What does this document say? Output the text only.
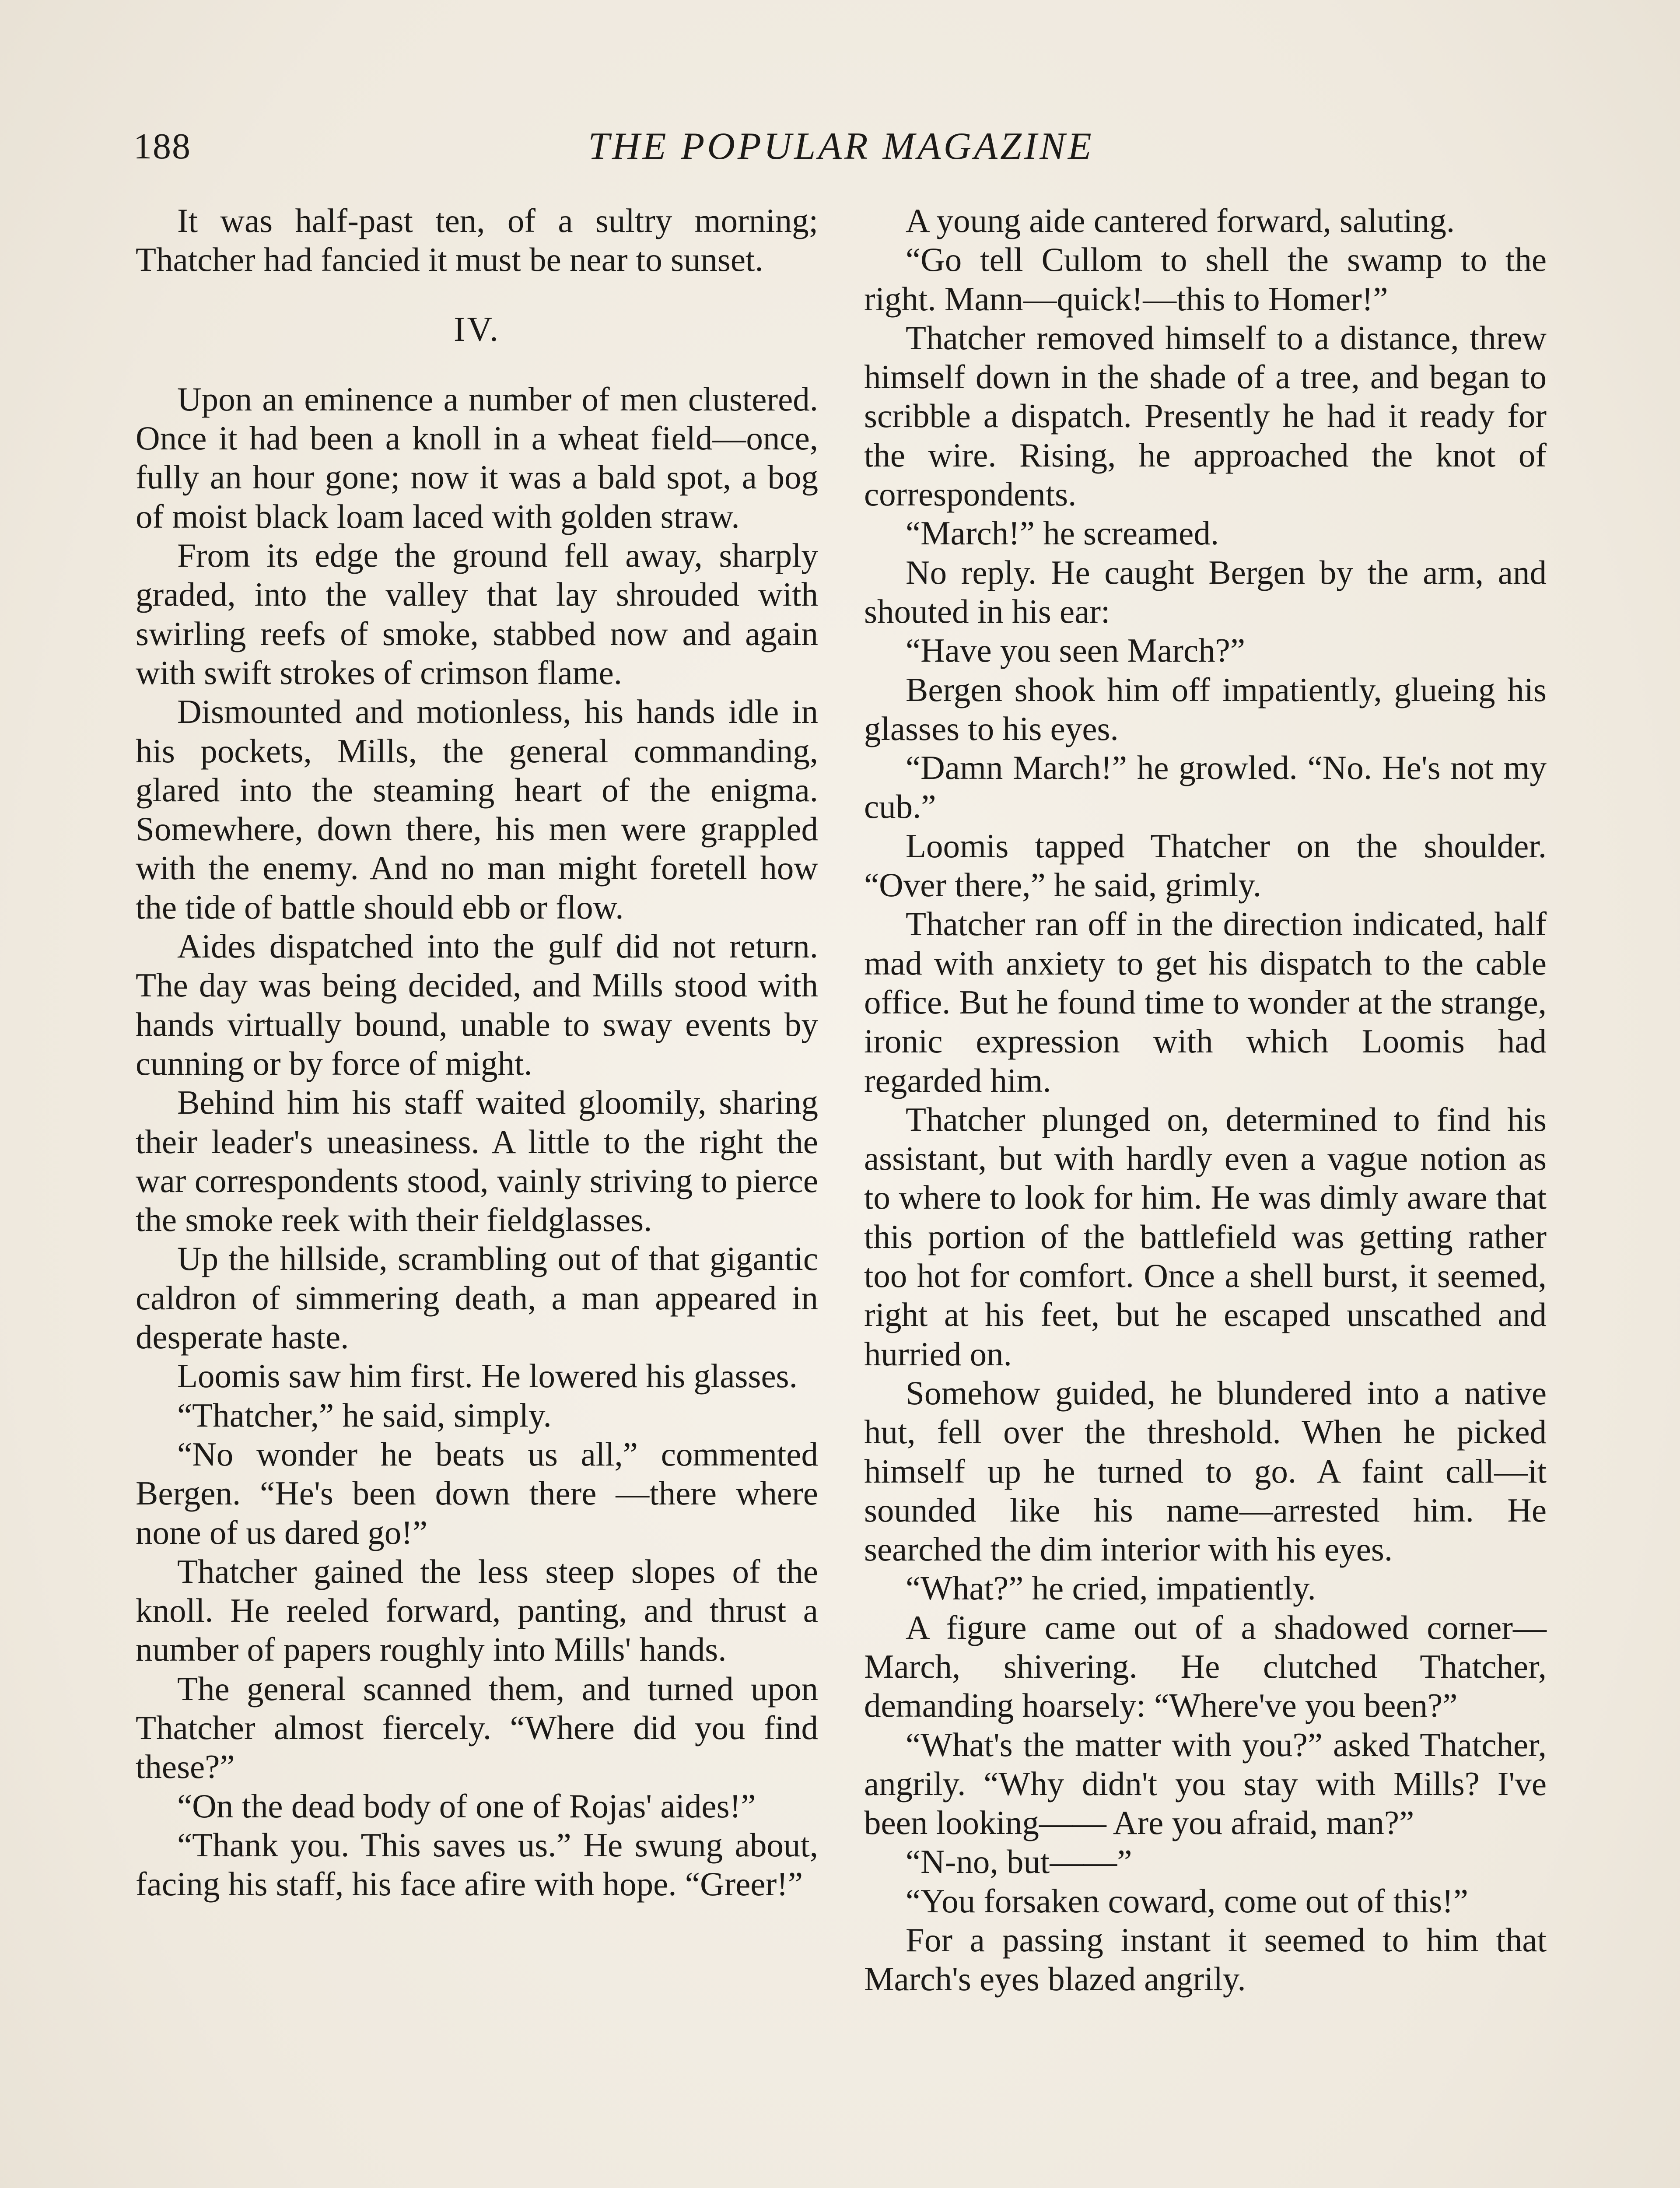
188	THE POPULAR MAGAZINE

It was half-past ten, of a sultry morning; Thatcher had fancied it must be near to sunset.

IV.

Upon an eminence a number of men clustered. Once it had been a knoll in a wheat field—once, fully an hour gone; now it was a bald spot, a bog of moist black loam laced with golden straw.

From its edge the ground fell away, sharply graded, into the valley that lay shrouded with swirling reefs of smoke, stabbed now and again with swift strokes of crimson flame.

Dismounted and motionless, his hands idle in his pockets, Mills, the general commanding, glared into the steaming heart of the enigma. Somewhere, down there, his men were grappled with the enemy. And no man might foretell how the tide of battle should ebb or flow.

Aides dispatched into the gulf did not return. The day was being decided, and Mills stood with hands virtually bound, unable to sway events by cunning or by force of might.

Behind him his staff waited gloomily, sharing their leader's uneasiness. A little to the right the war correspondents stood, vainly striving to pierce the smoke reek with their fieldglasses.

Up the hillside, scrambling out of that gigantic caldron of simmering death, a man appeared in desperate haste.

Loomis saw him first. He lowered his glasses.

“Thatcher,” he said, simply.

“No wonder he beats us all,” commented Bergen. “He's been down there —there where none of us dared go!”

Thatcher gained the less steep slopes of the knoll. He reeled forward, panting, and thrust a number of papers roughly into Mills' hands.

The general scanned them, and turned upon Thatcher almost fiercely. “Where did you find these?”

“On the dead body of one of Rojas' aides!”

“Thank you. This saves us.” He swung about, facing his staff, his face afire with hope. “Greer!”

A young aide cantered forward, saluting.

“Go tell Cullom to shell the swamp to the right. Mann—quick!—this to Homer!”

Thatcher removed himself to a distance, threw himself down in the shade of a tree, and began to scribble a dispatch. Presently he had it ready for the wire. Rising, he approached the knot of correspondents.

“March!” he screamed.

No reply. He caught Bergen by the arm, and shouted in his ear:

“Have you seen March?”

Bergen shook him off impatiently, glueing his glasses to his eyes.

“Damn March!” he growled. “No. He's not my cub.”

Loomis tapped Thatcher on the shoulder. “Over there,” he said, grimly.

Thatcher ran off in the direction indicated, half mad with anxiety to get his dispatch to the cable office. But he found time to wonder at the strange, ironic expression with which Loomis had regarded him.

Thatcher plunged on, determined to find his assistant, but with hardly even a vague notion as to where to look for him. He was dimly aware that this portion of the battlefield was getting rather too hot for comfort. Once a shell burst, it seemed, right at his feet, but he escaped unscathed and hurried on.

Somehow guided, he blundered into a native hut, fell over the threshold. When he picked himself up he turned to go. A faint call—it sounded like his name—arrested him. He searched the dim interior with his eyes.

“What?” he cried, impatiently.

A figure came out of a shadowed corner—March, shivering. He clutched Thatcher, demanding hoarsely: “Where've you been?”

“What's the matter with you?” asked Thatcher, angrily. “Why didn't you stay with Mills? I've been looking—— Are you afraid, man?”

“N-no, but——”

“You forsaken coward, come out of this!”

For a passing instant it seemed to him that March's eyes blazed angrily.
